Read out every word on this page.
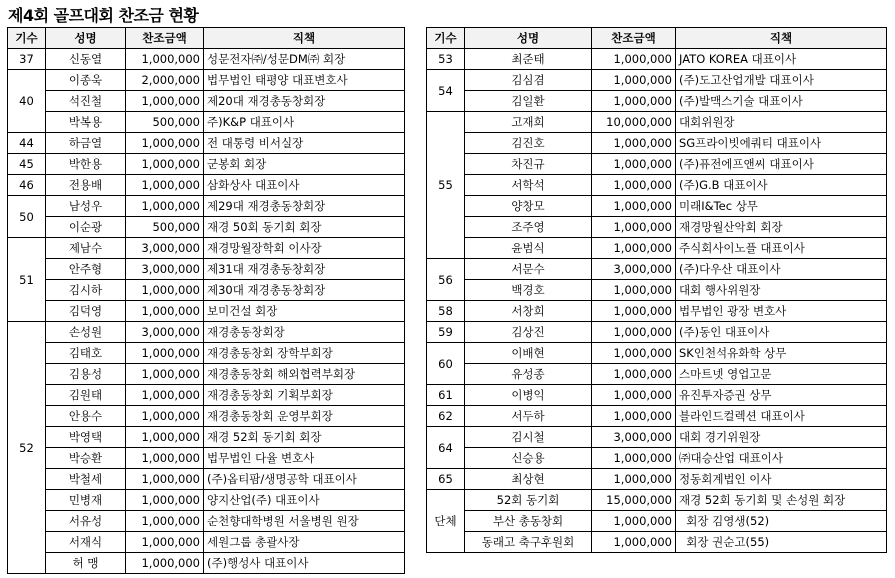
제4회 골프대회 찬조금 현황
기수	성명	찬조금액	직책
37	신동열	1,000,000	성문전자㈜/성문DM㈜ 회장
40	이종욱	2,000,000	법무법인 태평양 대표변호사
	석진철	1,000,000	제20대 재경총동창회장
	박복용	500,000	주)K&P 대표이사
44	하금열	1,000,000	전 대통령 비서실장
45	박한용	1,000,000	군봉회 회장
46	전용배	1,000,000	삼화상사 대표이사
50	남성우	1,000,000	제29대 재경총동창회장
	이순광	500,000	재경 50회 동기회 회장
51	제남수	3,000,000	재경망월장학회 이사장
	안주형	3,000,000	제31대 재경총동창회장
	김시하	1,000,000	제30대 재경총동창회장
	김덕영	1,000,000	보미건설 회장
52	손성원	3,000,000	재경총동창회장
	김태호	1,000,000	재경총동창회 장학부회장
	김용성	1,000,000	재경총동창회 해외협력부회장
	김원태	1,000,000	재경총동창회 기획부회장
	안용수	1,000,000	재경총동창회 운영부회장
	박영택	1,000,000	재경 52회 동기회 회장
	박승환	1,000,000	법무법인 다율 변호사
	박철세	1,000,000	(주)옵티팜/생명공학 대표이사
	민병재	1,000,000	양지산업(주) 대표이사
	서유성	1,000,000	순천향대학병원 서울병원 원장
	서재식	1,000,000	세원그룹 총괄사장
	허 맹	1,000,000	(주)행성사 대표이사
기수	성명	찬조금액	직책
53	최준태	1,000,000	JATO KOREA 대표이사
54	김심겸	1,000,000	(주)도고산업개발 대표이사
	김일환	1,000,000	(주)발맥스기술 대표이사
55	고재희	10,000,000	대회위원장
	김진호	1,000,000	SG프라이빗에쿼티 대표이사
	차진규	1,000,000	(주)퓨전에프앤씨 대표이사
	서학석	1,000,000	(주)G.B 대표이사
	양창모	1,000,000	미래I&Tec 상무
	조주영	1,000,000	재경망월산악회 회장
	윤범식	1,000,000	주식회사이노플 대표이사
56	서문수	3,000,000	(주)다우산 대표이사
	백경호	1,000,000	대회 행사위원장
58	서창희	1,000,000	법무법인 광장 변호사
59	김상진	1,000,000	(주)동인 대표이사
60	이배현	1,000,000	SK인천석유화학 상무
	유성종	1,000,000	스마트넷 영업고문
61	이병익	1,000,000	유진투자증권 상무
62	서두하	1,000,000	블라인드컬렉션 대표이사
64	김시철	3,000,000	대회 경기위원장
	신승용	1,000,000	㈜대승산업 대표이사
65	최상현	1,000,000	정동회계법인 이사
단체	52회 동기회	15,000,000	재경 52회 동기회 및 손성원 회장
	부산 총동창회	1,000,000	회장 김영생(52)
	동래고 축구후원회	1,000,000	회장 권순고(55)
